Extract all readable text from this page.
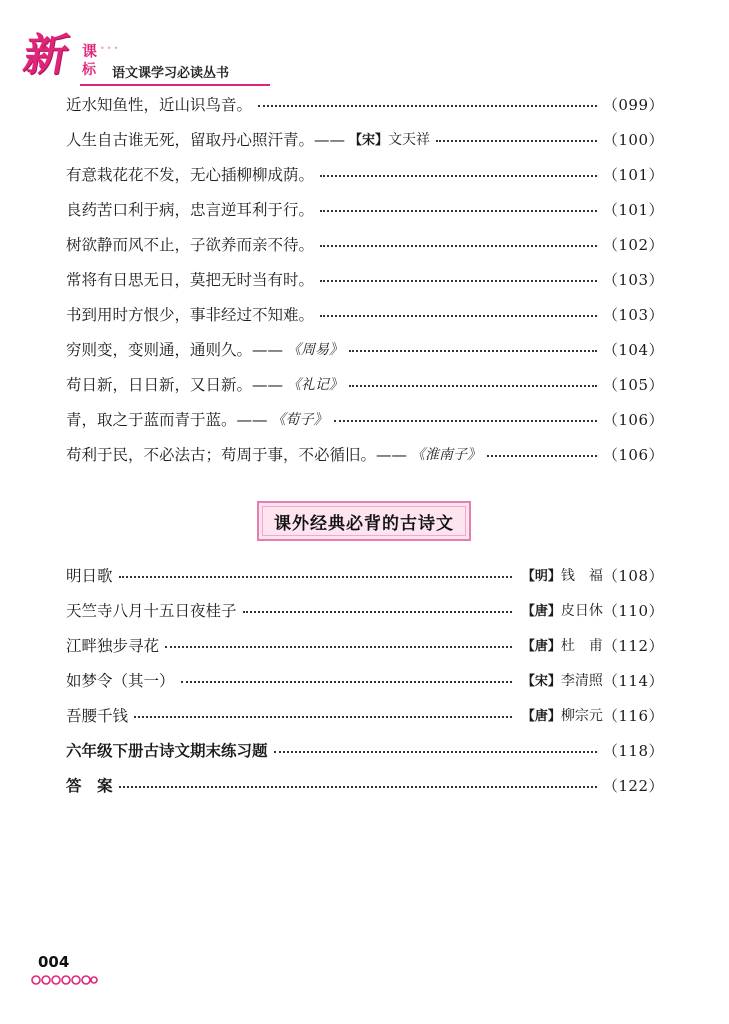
新	•••
课
标 语文课学习必读丛书
近水知鱼性，近山识鸟音。	（099）
人生自古谁无死，留取丹心照汗青。—— 【宋】文天祥	（100）
有意栽花花不发，无心插柳柳成荫。	（101）
良药苦口利于病，忠言逆耳利于行。	（101）
树欲静而风不止，子欲养而亲不待。	（102）
常将有日思无日，莫把无时当有时。	（103）
书到用时方恨少，事非经过不知难。	（103）
穷则变，变则通，通则久。—— 《周易》	（104）
苟日新，日日新，又日新。—— 《礼记》	（105）
青，取之于蓝而青于蓝。—— 《荀子》	（106）
苟利于民，不必法古；苟周于事，不必循旧。—— 《淮南子》	（106）
课外经典必背的古诗文
明日歌	【明】钱　福 （108）
天竺寺八月十五日夜桂子	【唐】皮日休 （110）
江畔独步寻花	【唐】杜　甫 （112）
如梦令（其一）	【宋】李清照 （114）
吾腰千钱	【唐】柳宗元 （116）
六年级下册古诗文期末练习题	（118）
答　案	（122）
004
